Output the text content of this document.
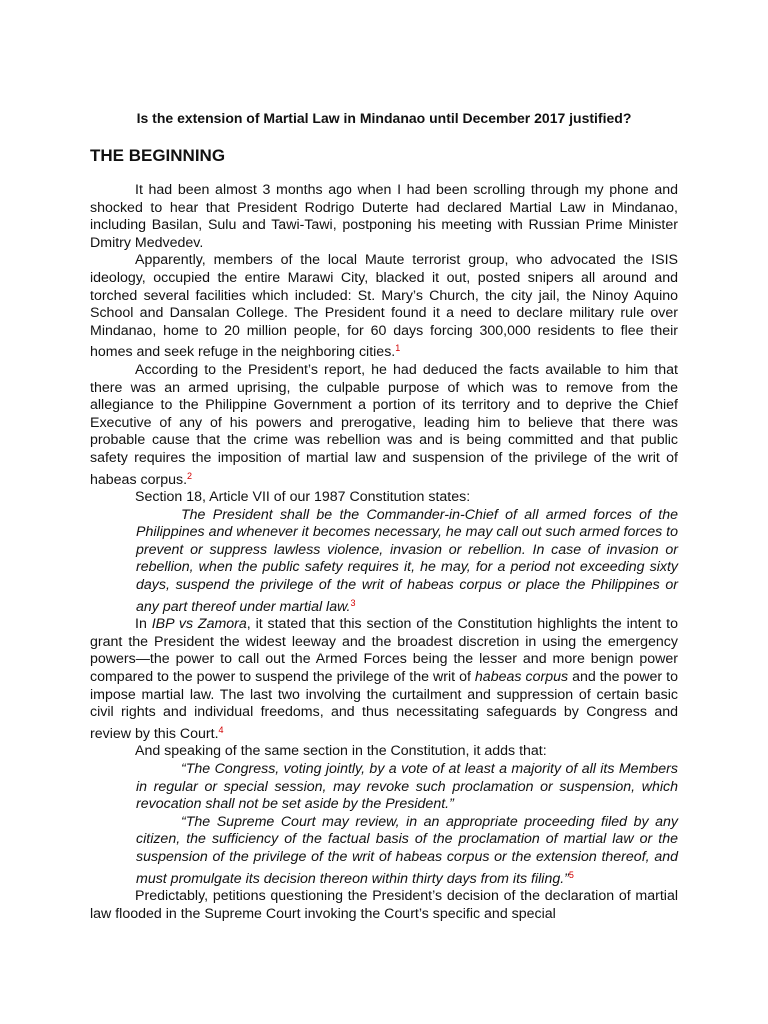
Is the extension of Martial Law in Mindanao until December 2017 justified?
THE BEGINNING

It had been almost 3 months ago when I had been scrolling through my phone and shocked to hear that President Rodrigo Duterte had declared Martial Law in Mindanao, including Basilan, Sulu and Tawi-Tawi, postponing his meeting with Russian Prime Minister Dmitry Medvedev.

Apparently, members of the local Maute terrorist group, who advocated the ISIS ideology, occupied the entire Marawi City, blacked it out, posted snipers all around and torched several facilities which included: St. Mary’s Church, the city jail, the Ninoy Aquino School and Dansalan College. The President found it a need to declare military rule over Mindanao, home to 20 million people, for 60 days forcing 300,000 residents to flee their homes and seek refuge in the neighboring cities.$^1$

According to the President’s report, he had deduced the facts available to him that there was an armed uprising, the culpable purpose of which was to remove from the allegiance to the Philippine Government a portion of its territory and to deprive the Chief Executive of any of his powers and prerogative, leading him to believe that there was probable cause that the crime was rebellion was and is being committed and that public safety requires the imposition of martial law and suspension of the privilege of the writ of habeas corpus.$^2$

Section 18, Article VII of our 1987 Constitution states:

The President shall be the Commander-in-Chief of all armed forces of the Philippines and whenever it becomes necessary, he may call out such armed forces to prevent or suppress lawless violence, invasion or rebellion. In case of invasion or rebellion, when the public safety requires it, he may, for a period not exceeding sixty days, suspend the privilege of the writ of habeas corpus or place the Philippines or any part thereof under martial law.$^3$

In IBP vs Zamora, it stated that this section of the Constitution highlights the intent to grant the President the widest leeway and the broadest discretion in using the emergency powers—the power to call out the Armed Forces being the lesser and more benign power compared to the power to suspend the privilege of the writ of habeas corpus and the power to impose martial law. The last two involving the curtailment and suppression of certain basic civil rights and individual freedoms, and thus necessitating safeguards by Congress and review by this Court.$^4$

And speaking of the same section in the Constitution, it adds that:

“The Congress, voting jointly, by a vote of at least a majority of all its Members in regular or special session, may revoke such proclamation or suspension, which revocation shall not be set aside by the President.”

“The Supreme Court may review, in an appropriate proceeding filed by any citizen, the sufficiency of the factual basis of the proclamation of martial law or the suspension of the privilege of the writ of habeas corpus or the extension thereof, and must promulgate its decision thereon within thirty days from its filing.”$^5$

Predictably, petitions questioning the President’s decision of the declaration of martial law flooded in the Supreme Court invoking the Court’s specific and special
